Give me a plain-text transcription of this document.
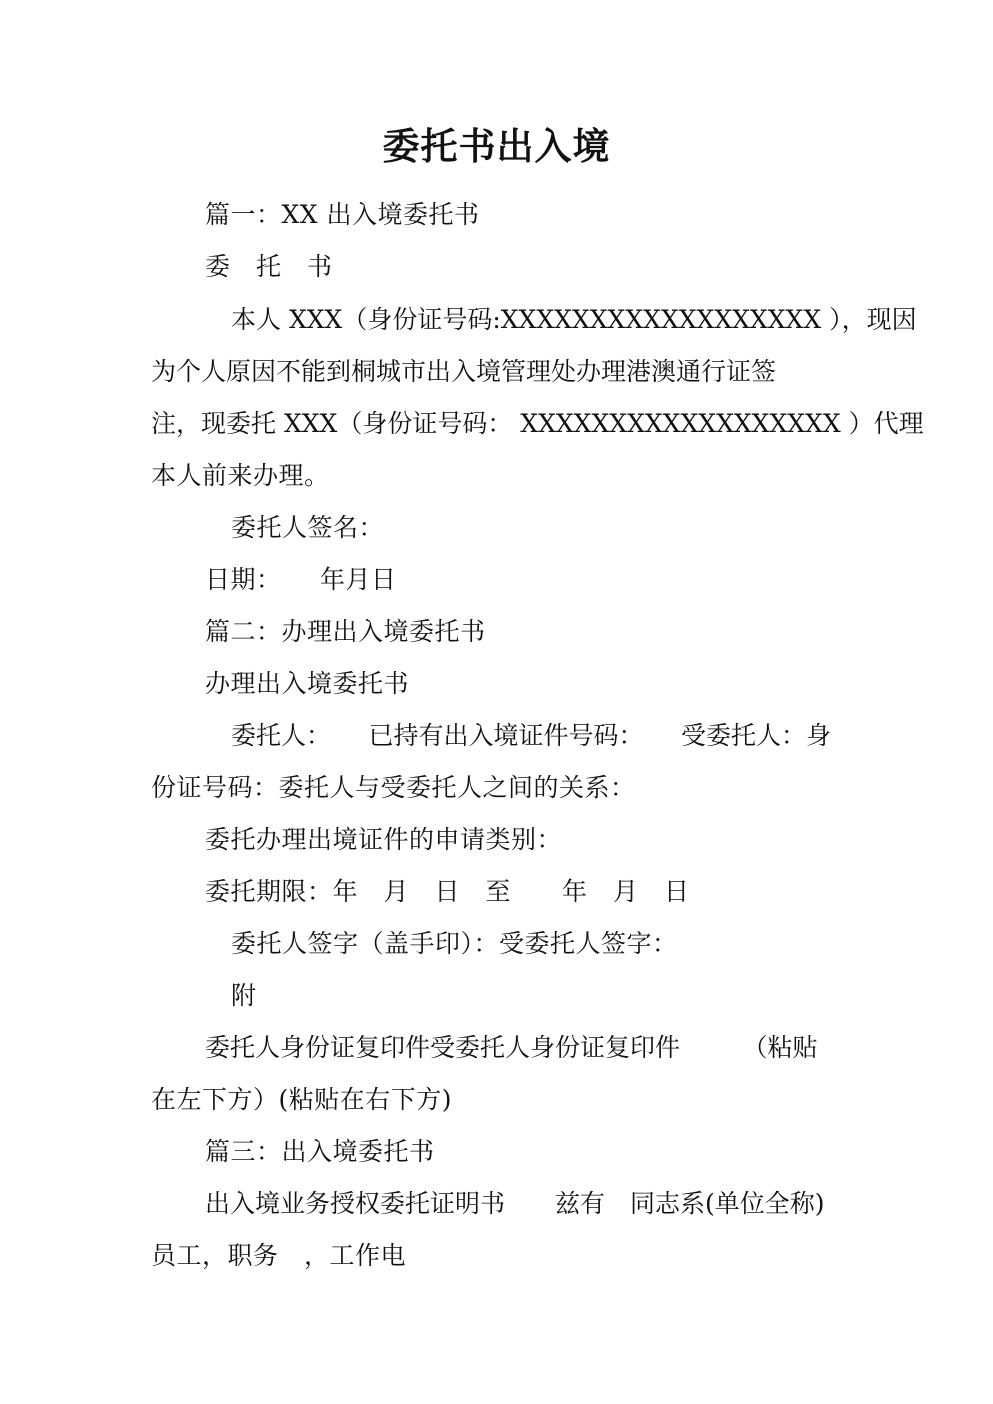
委托书出入境
篇一：XX 出入境委托书
委　托　书
本人 XXX（身份证号码:XXXXXXXXXXXXXXXXXX ），现因
为个人原因不能到桐城市出入境管理处办理港澳通行证签
注，现委托 XXX（身份证号码： XXXXXXXXXXXXXXXXXX ）代理
本人前来办理。
委托人签名：
日期：　　年月日
篇二：办理出入境委托书
办理出入境委托书
委托人：　　已持有出入境证件号码：　　受委托人：身
份证号码：委托人与受委托人之间的关系：
委托办理出境证件的申请类别：
委托期限：年　月　日　至　　年　月　日
委托人签字（盖手印）：受委托人签字：
附
委托人身份证复印件受委托人身份证复印件　　　（粘贴
在左下方）(粘贴在右下方)
篇三：出入境委托书
出入境业务授权委托证明书　　兹有　同志系(单位全称)
员工，职务　，工作电
